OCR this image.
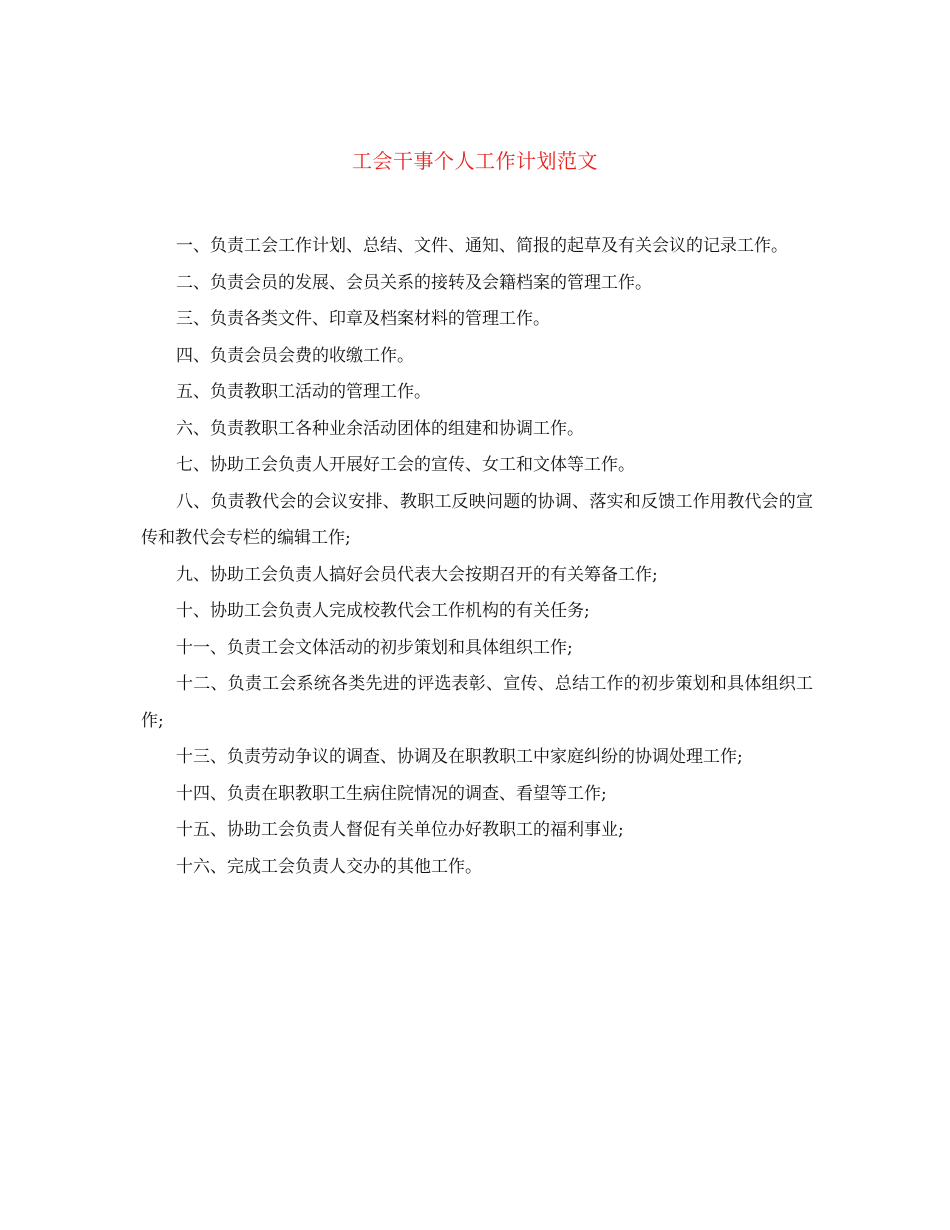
工会干事个人工作计划范文

一、负责工会工作计划、总结、文件、通知、简报的起草及有关会议的记录工作。

二、负责会员的发展、会员关系的接转及会籍档案的管理工作。

三、负责各类文件、印章及档案材料的管理工作。

四、负责会员会费的收缴工作。

五、负责教职工活动的管理工作。

六、负责教职工各种业余活动团体的组建和协调工作。

七、协助工会负责人开展好工会的宣传、女工和文体等工作。

八、负责教代会的会议安排、教职工反映问题的协调、落实和反馈工作用教代会的宣传和教代会专栏的编辑工作;

九、协助工会负责人搞好会员代表大会按期召开的有关筹备工作;

十、协助工会负责人完成校教代会工作机构的有关任务;

十一、负责工会文体活动的初步策划和具体组织工作;

十二、负责工会系统各类先进的评选表彰、宣传、总结工作的初步策划和具体组织工作;

十三、负责劳动争议的调查、协调及在职教职工中家庭纠纷的协调处理工作;

十四、负责在职教职工生病住院情况的调查、看望等工作;

十五、协助工会负责人督促有关单位办好教职工的福利事业;

十六、完成工会负责人交办的其他工作。
